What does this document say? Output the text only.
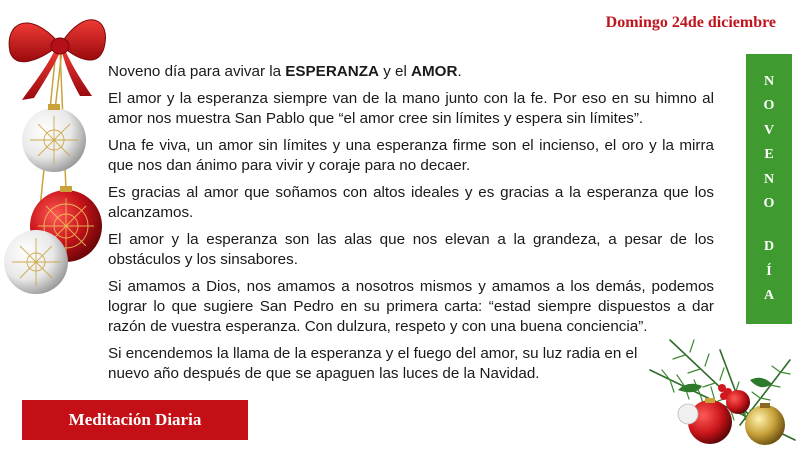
Domingo 24de diciembre

Noveno día para avivar la ESPERANZA y el AMOR.

El amor y la esperanza siempre van de la mano junto con la fe. Por eso en su himno al amor nos muestra San Pablo que “el amor cree sin límites y espera sin límites”.

Una fe viva, un amor sin límites y una esperanza firme son el incienso, el oro y la mirra que nos dan ánimo para vivir y coraje para no decaer.

Es gracias al amor que soñamos con altos ideales y es gracias a la esperanza que los alcanzamos.

El amor y la esperanza son las alas que nos elevan a la grandeza, a pesar de los obstáculos y los sinsabores.

Si amamos a Dios, nos amamos a nosotros mismos y amamos a los demás, podemos lograr lo que sugiere San Pedro en su primera carta: “estad siempre dispuestos a dar razón de vuestra esperanza. Con dulzura, respeto y con una buena conciencia”.

Si encendemos la llama de la esperanza y el fuego del amor, su luz radia en el nuevo año después de que se apaguen las luces de la Navidad.

N
O
V
E
N
O
D
Í
A
Meditación Diaria
